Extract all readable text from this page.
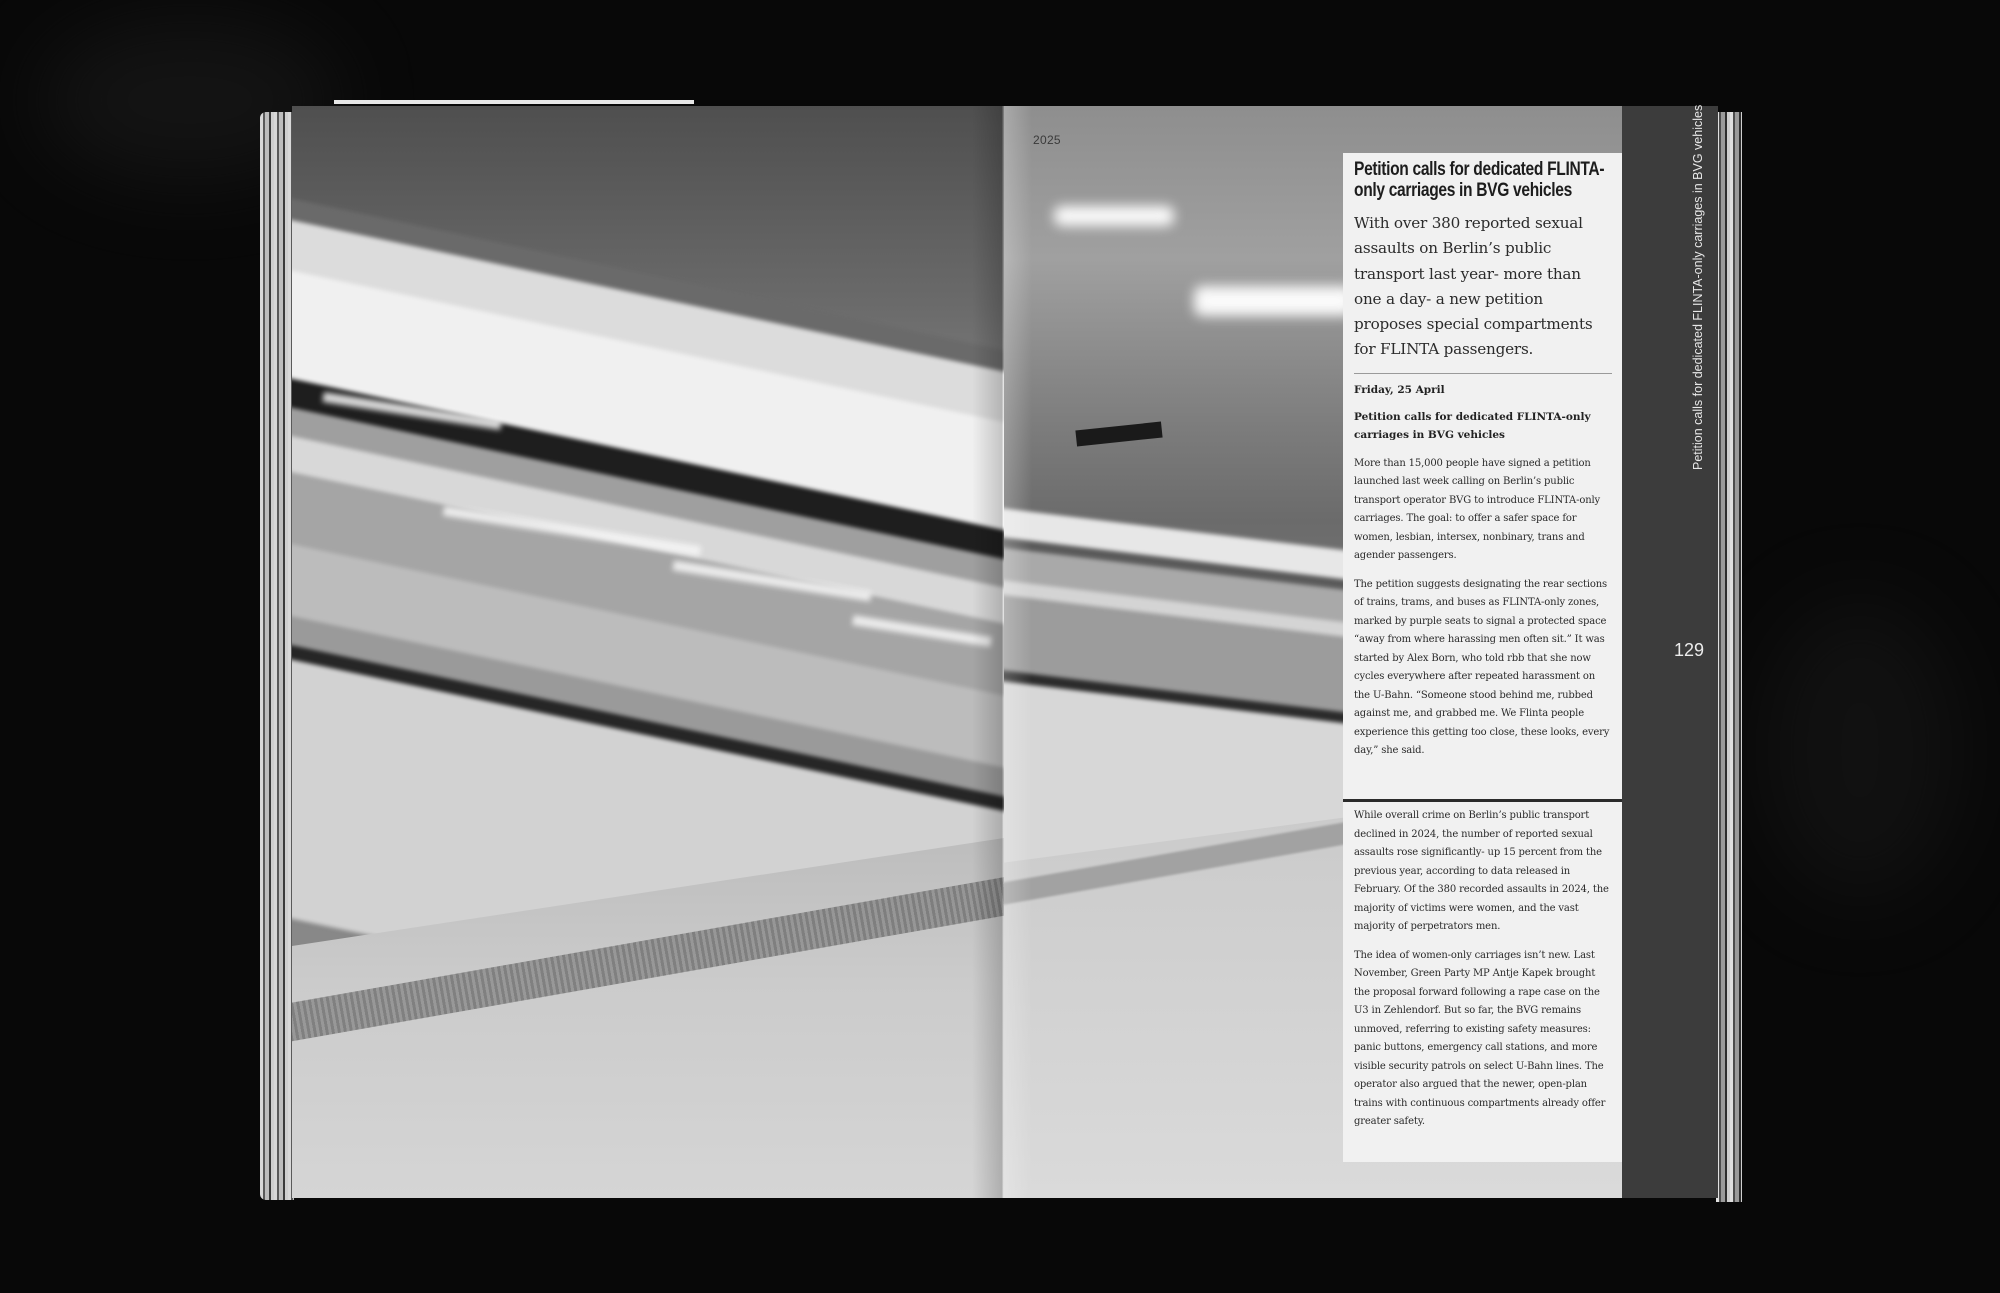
2025	Petition calls for dedicated FLINTA-only carriages in BVG vehicles
129
Petition calls for dedicated FLINTA-only carriages in BVG vehicles

With over 380 reported sexual assaults on Berlin’s public transport last year- more than one a day- a new petition proposes special compartments for FLINTA passengers.

Friday, 25 April

Petition calls for dedicated FLINTA-only carriages in BVG vehicles

More than 15,000 people have signed a petition launched last week calling on Berlin’s public transport operator BVG to introduce FLINTA-only carriages. The goal: to offer a safer space for women, lesbian, intersex, nonbinary, trans and agender passengers.

The petition suggests designating the rear sections of trains, trams, and buses as FLINTA-only zones, marked by purple seats to signal a protected space “away from where harassing men often sit.” It was started by Alex Born, who told rbb that she now cycles everywhere after repeated harassment on the U-Bahn. “Someone stood behind me, rubbed against me, and grabbed me. We Flinta people experience this getting too close, these looks, every day,” she said.

While overall crime on Berlin’s public transport declined in 2024, the number of reported sexual assaults rose significantly- up 15 percent from the previous year, according to data released in February. Of the 380 recorded assaults in 2024, the majority of victims were women, and the vast majority of perpetrators men.

The idea of women-only carriages isn’t new. Last November, Green Party MP Antje Kapek brought the proposal forward following a rape case on the U3 in Zehlendorf. But so far, the BVG remains unmoved, referring to existing safety measures: panic buttons, emergency call stations, and more visible security patrols on select U-Bahn lines. The operator also argued that the newer, open-plan trains with continuous compartments already offer greater safety.
